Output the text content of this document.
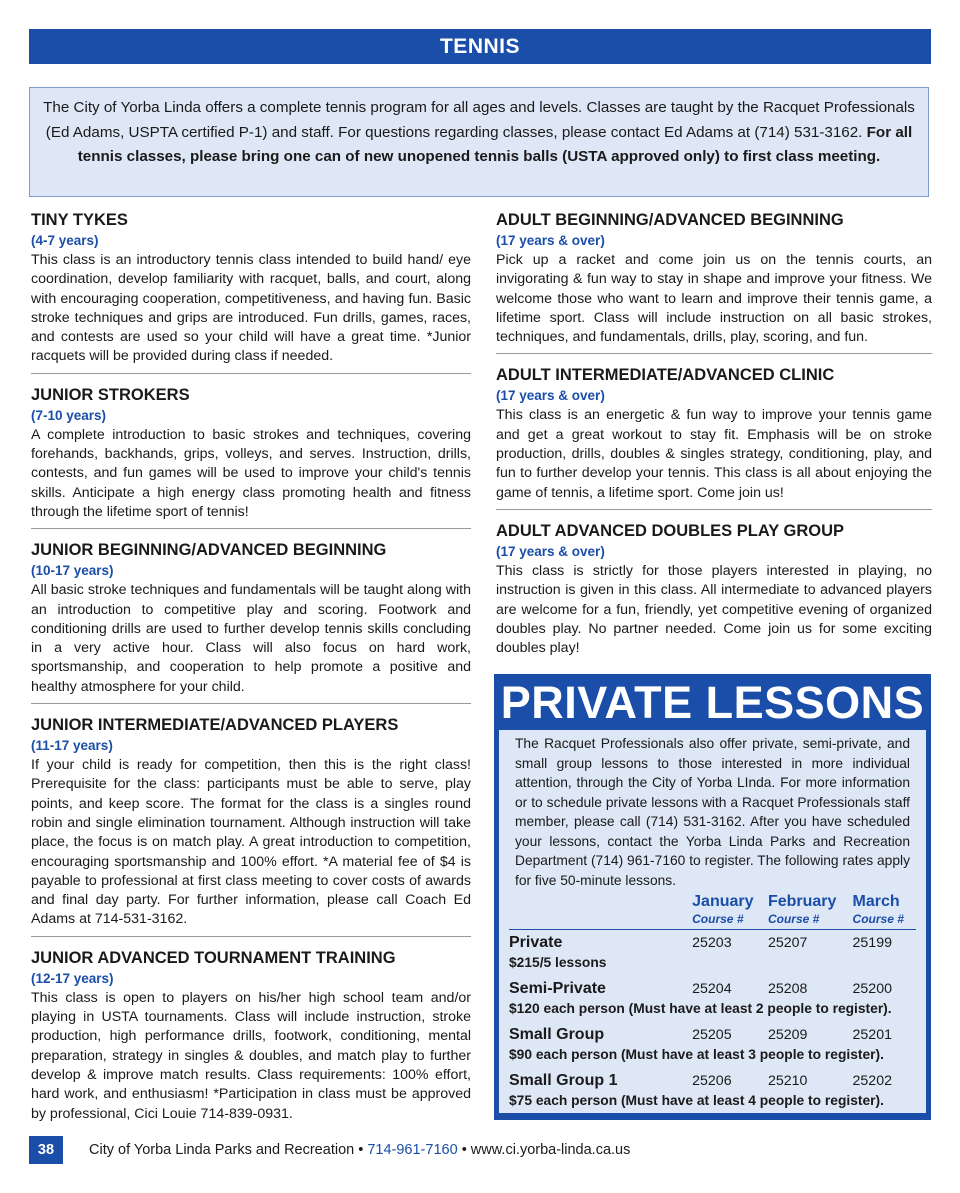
TENNIS
The City of Yorba Linda offers a complete tennis program for all ages and levels. Classes are taught by the Racquet Professionals (Ed Adams, USPTA certified P-1) and staff. For questions regarding classes, please contact Ed Adams at (714) 531-3162. For all tennis classes, please bring one can of new unopened tennis balls (USTA approved only) to first class meeting.
TINY TYKES
(4-7 years)

This class is an introductory tennis class intended to build hand/ eye coordination, develop familiarity with racquet, balls, and court, along with encouraging cooperation, competitiveness, and having fun. Basic stroke techniques and grips are introduced. Fun drills, games, races, and contests are used so your child will have a great time. *Junior racquets will be provided during class if needed.

JUNIOR STROKERS
(7-10 years)

A complete introduction to basic strokes and techniques, covering forehands, backhands, grips, volleys, and serves. Instruction, drills, contests, and fun games will be used to improve your child's tennis skills. Anticipate a high energy class promoting health and fitness through the lifetime sport of tennis!

JUNIOR BEGINNING/ADVANCED BEGINNING
(10-17 years)

All basic stroke techniques and fundamentals will be taught along with an introduction to competitive play and scoring. Footwork and conditioning drills are used to further develop tennis skills concluding in a very active hour. Class will also focus on hard work, sportsmanship, and cooperation to help promote a positive and healthy atmosphere for your child.

JUNIOR INTERMEDIATE/ADVANCED PLAYERS
(11-17 years)

If your child is ready for competition, then this is the right class! Prerequisite for the class: participants must be able to serve, play points, and keep score. The format for the class is a singles round robin and single elimination tournament. Although instruction will take place, the focus is on match play. A great introduction to competition, encouraging sportsmanship and 100% effort. *A material fee of $4 is payable to professional at first class meeting to cover costs of awards and final day party. For further information, please call Coach Ed Adams at 714-531-3162.

JUNIOR ADVANCED TOURNAMENT TRAINING
(12-17 years)

This class is open to players on his/her high school team and/or playing in USTA tournaments. Class will include instruction, stroke production, high performance drills, footwork, conditioning, mental preparation, strategy in singles & doubles, and match play to further develop & improve match results. Class requirements: 100% effort, hard work, and enthusiasm! *Participation in class must be approved by professional, Cici Louie 714-839-0931.

ADULT BEGINNING/ADVANCED BEGINNING
(17 years & over)

Pick up a racket and come join us on the tennis courts, an invigorating & fun way to stay in shape and improve your fitness. We welcome those who want to learn and improve their tennis game, a lifetime sport. Class will include instruction on all basic strokes, techniques, and fundamentals, drills, play, scoring, and fun.

ADULT INTERMEDIATE/ADVANCED CLINIC
(17 years & over)

This class is an energetic & fun way to improve your tennis game and get a great workout to stay fit. Emphasis will be on stroke production, drills, doubles & singles strategy, conditioning, play, and fun to further develop your tennis. This class is all about enjoying the game of tennis, a lifetime sport. Come join us!

ADULT ADVANCED DOUBLES PLAY GROUP
(17 years & over)

This class is strictly for those players interested in playing, no instruction is given in this class. All intermediate to advanced players are welcome for a fun, friendly, yet competitive evening of organized doubles play. No partner needed. Come join us for some exciting doubles play!

PRIVATE LESSONS

The Racquet Professionals also offer private, semi-private, and small group lessons to those interested in more individual attention, through the City of Yorba LInda. For more information or to schedule private lessons with a Racquet Professionals staff member, please call (714) 531-3162. After you have scheduled your lessons, contact the Yorba Linda Parks and Recreation Department (714) 961-7160 to register. The following rates apply for five 50-minute lessons.

	January	February	March
	Course #	Course #	Course #
Private	25203	25207	25199
$215/5 lessons			
Semi-Private	25204	25208	25200
$120 each person (Must have at least 2 people to register).			
Small Group	25205	25209	25201
$90 each person (Must have at least 3 people to register).			
Small Group 1	25206	25210	25202
$75 each person (Must have at least 4 people to register).			
38 City of Yorba Linda Parks and Recreation • 714-961-7160 • www.ci.yorba-linda.ca.us
